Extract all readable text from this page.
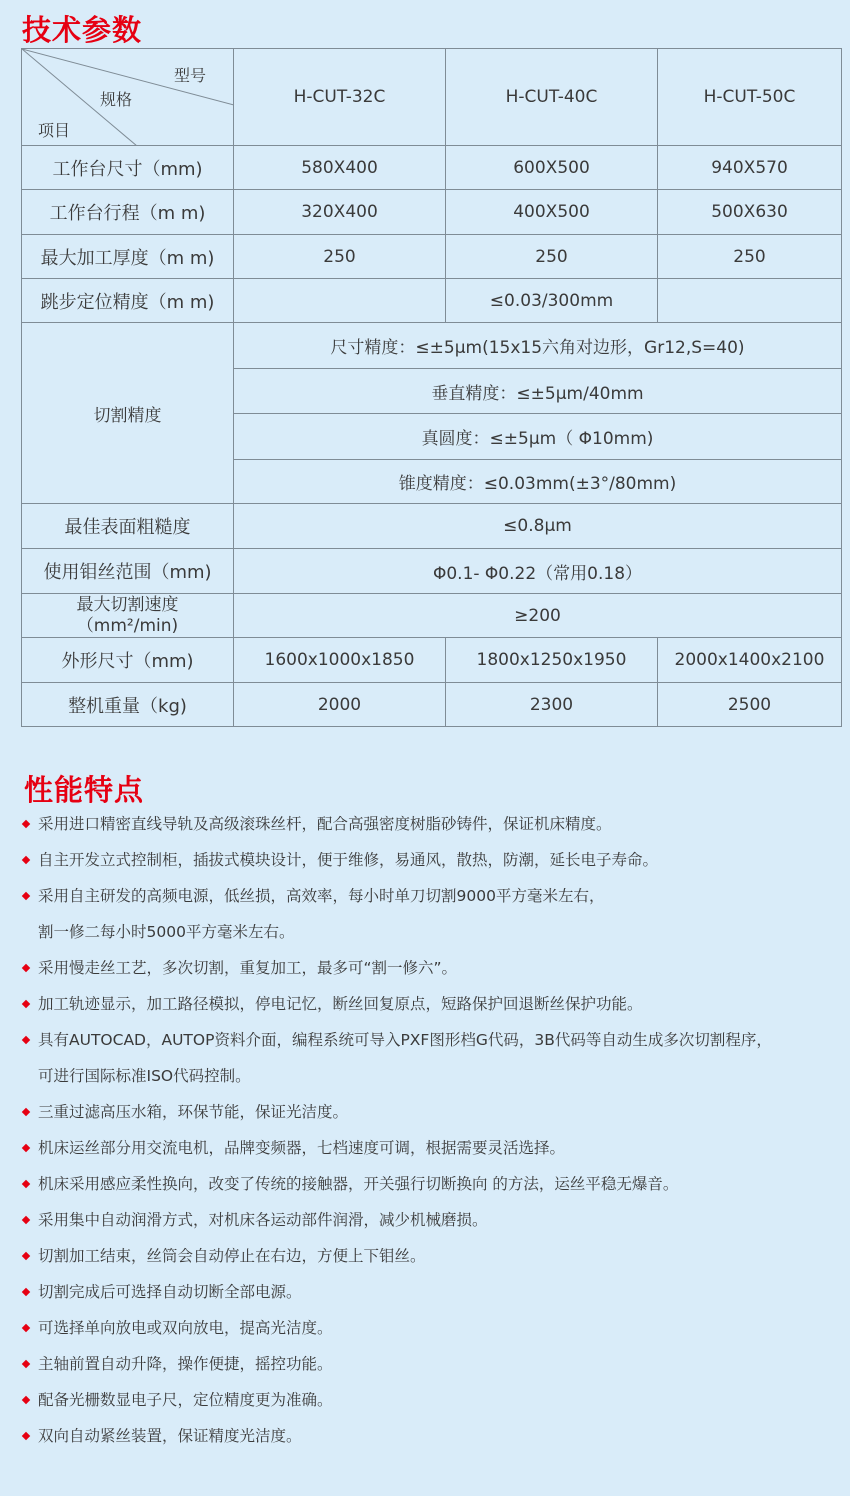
技术参数
型号
规格
项目	H-CUT-32C	H-CUT-40C	H-CUT-50C
工作台尺寸（mm)	580X400	600X500	940X570
工作台行程（m m)	320X400	400X500	500X630
最大加工厚度（m m)	250	250	250
跳步定位精度（m m)		≤0.03/300mm	
切割精度	尺寸精度：≤±5μm(15x15六角对边形，Gr12,S=40)		
	垂直精度：≤±5μm/40mm		
	真圆度：≤±5μm（ Φ10mm)		
	锥度精度：≤0.03mm(±3°/80mm)		
最佳表面粗糙度	≤0.8μm		
使用钼丝范围（mm)	Φ0.1- Φ0.22（常用0.18）		

最大切割速度
（mm²/min)	≥200		
外形尺寸（mm)	1600x1000x1850	1800x1250x1950	2000x1400x2100
整机重量（kg)	2000	2300	2500
性能特点
采用进口精密直线导轨及高级滚珠丝杆，配合高强密度树脂砂铸件，保证机床精度。
自主开发立式控制柜，插拔式模块设计，便于维修，易通风，散热，防潮，延长电子寿命。
采用自主研发的高频电源，低丝损，高效率，每小时单刀切割9000平方毫米左右，
割一修二每小时5000平方毫米左右。
采用慢走丝工艺，多次切割，重复加工，最多可“割一修六”。
加工轨迹显示，加工路径模拟，停电记忆，断丝回复原点，短路保护回退断丝保护功能。
具有AUTOCAD，AUTOP资料介面，编程系统可导入PXF图形档G代码，3B代码等自动生成多次切割程序，
可进行国际标准ISO代码控制。
三重过滤高压水箱，环保节能，保证光洁度。
机床运丝部分用交流电机，品牌变频器，七档速度可调，根据需要灵活选择。
机床采用感应柔性换向，改变了传统的接触器，开关强行切断换向 的方法，运丝平稳无爆音。
采用集中自动润滑方式，对机床各运动部件润滑，减少机械磨损。
切割加工结束，丝筒会自动停止在右边，方便上下钼丝。
切割完成后可选择自动切断全部电源。
可选择单向放电或双向放电，提高光洁度。
主轴前置自动升降，操作便捷，摇控功能。
配备光栅数显电子尺，定位精度更为准确。
双向自动紧丝装置，保证精度光洁度。
